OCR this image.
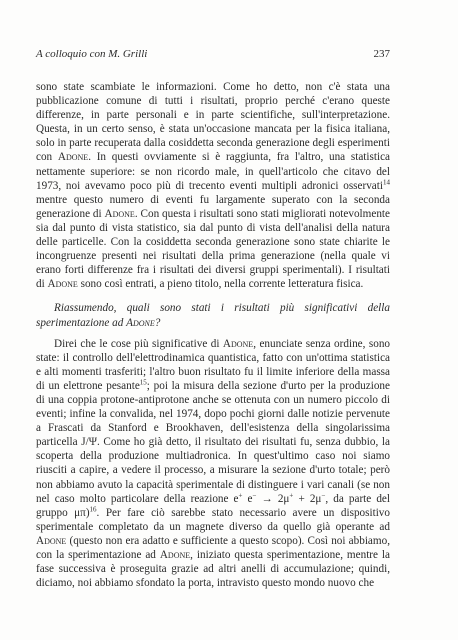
A colloquio con M. Grilli	237

sono state scambiate le informazioni. Come ho detto, non c'è stata una pubblicazione comune di tutti i risultati, proprio perché c'erano queste differenze, in parte personali e in parte scientifiche, sull'interpretazione. Questa, in un certo senso, è stata un'occasione mancata per la fisica italiana, solo in parte recuperata dalla cosiddetta seconda generazione degli esperimenti con Adone. In questi ovviamente si è raggiunta, fra l'altro, una statistica nettamente superiore: se non ricordo male, in quell'articolo che citavo del 1973, noi avevamo poco più di trecento eventi multipli adronici osservati$^{14}$ mentre questo numero di eventi fu largamente superato con la seconda generazione di Adone. Con questa i risultati sono stati migliorati notevolmente sia dal punto di vista statistico, sia dal punto di vista dell'analisi della natura delle particelle. Con la cosiddetta seconda generazione sono state chiarite le incongruenze presenti nei risultati della prima generazione (nella quale vi erano forti differenze fra i risultati dei diversi gruppi sperimentali). I risultati di Adone sono così entrati, a pieno titolo, nella corrente letteratura fisica.

Riassumendo, quali sono stati i risultati più significativi della sperimentazione ad Adone?

Direi che le cose più significative di Adone, enunciate senza ordine, sono state: il controllo dell'elettrodinamica quantistica, fatto con un'ottima statistica e alti momenti trasferiti; l'altro buon risultato fu il limite inferiore della massa di un elettrone pesante$^{15}$; poi la misura della sezione d'urto per la produzione di una coppia protone-antiprotone anche se ottenuta con un numero piccolo di eventi; infine la convalida, nel 1974, dopo pochi giorni dalle notizie pervenute a Frascati da Stanford e Brookhaven, dell'esistenza della singolarissima particella J/Ψ. Come ho già detto, il risultato dei risultati fu, senza dubbio, la scoperta della produzione multiadronica. In quest'ultimo caso noi siamo riusciti a capire, a vedere il processo, a misurare la sezione d'urto totale; però non abbiamo avuto la capacità sperimentale di distinguere i vari canali (se non nel caso molto particolare della reazione e+ e− → 2μ+ + 2μ−, da parte del gruppo μπ)$^{16}$. Per fare ciò sarebbe stato necessario avere un dispositivo sperimentale completato da un magnete diverso da quello già operante ad Adone (questo non era adatto e sufficiente a questo scopo). Così noi abbiamo, con la sperimentazione ad Adone, iniziato questa sperimentazione, mentre la fase successiva è proseguita grazie ad altri anelli di accumulazione; quindi, diciamo, noi abbiamo sfondato la porta, intravisto questo mondo nuovo che
